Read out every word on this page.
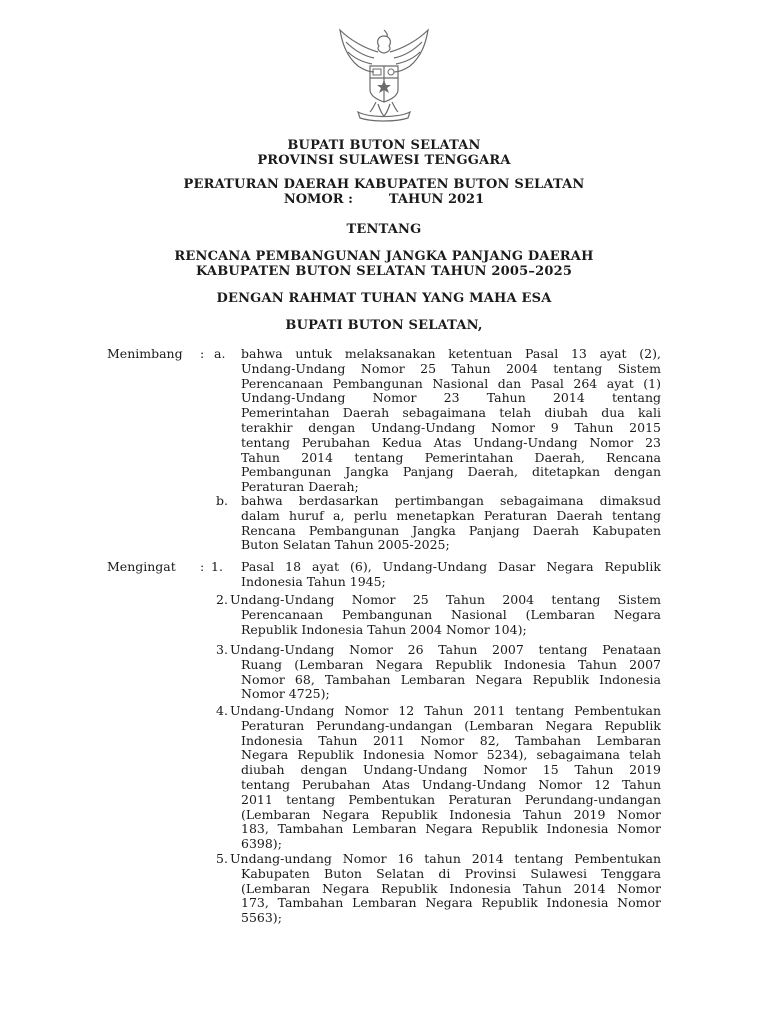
BUPATI BUTON SELATAN
PROVINSI SULAWESI TENGGARA
PERATURAN DAERAH KABUPATEN BUTON SELATAN
NOMOR :	TAHUN 2021
TENTANG
RENCANA PEMBANGUNAN JANGKA PANJANG DAERAH
KABUPATEN BUTON SELATAN TAHUN 2005–2025
DENGAN RAHMAT TUHAN YANG MAHA ESA
BUPATI BUTON SELATAN,
Menimbang : a. bahwa untuk melaksanakan ketentuan Pasal 13 ayat (2),
Undang-Undang Nomor 25 Tahun 2004 tentang Sistem
Perencanaan Pembangunan Nasional dan Pasal 264 ayat (1)
Undang-Undang Nomor 23 Tahun 2014 tentang
Pemerintahan Daerah sebagaimana telah diubah dua kali
terakhir dengan Undang-Undang Nomor 9 Tahun 2015
tentang Perubahan Kedua Atas Undang-Undang Nomor 23
Tahun 2014 tentang Pemerintahan Daerah, Rencana
Pembangunan Jangka Panjang Daerah, ditetapkan dengan
Peraturan Daerah;
b. bahwa berdasarkan pertimbangan sebagaimana dimaksud
dalam huruf a, perlu menetapkan Peraturan Daerah tentang
Rencana Pembangunan Jangka Panjang Daerah Kabupaten
Buton Selatan Tahun 2005-2025;
Mengingat : 1. Pasal 18 ayat (6), Undang-Undang Dasar Negara Republik
Indonesia Tahun 1945;
2. Undang-Undang Nomor 25 Tahun 2004 tentang Sistem
Perencanaan Pembangunan Nasional (Lembaran Negara
Republik Indonesia Tahun 2004 Nomor 104);
3. Undang-Undang Nomor 26 Tahun 2007 tentang Penataan
Ruang (Lembaran Negara Republik Indonesia Tahun 2007
Nomor 68, Tambahan Lembaran Negara Republik Indonesia
Nomor 4725);
4. Undang-Undang Nomor 12 Tahun 2011 tentang Pembentukan
Peraturan Perundang-undangan (Lembaran Negara Republik
Indonesia Tahun 2011 Nomor 82, Tambahan Lembaran
Negara Republik Indonesia Nomor 5234), sebagaimana telah
diubah dengan Undang-Undang Nomor 15 Tahun 2019
tentang Perubahan Atas Undang-Undang Nomor 12 Tahun
2011 tentang Pembentukan Peraturan Perundang-undangan
(Lembaran Negara Republik Indonesia Tahun 2019 Nomor
183, Tambahan Lembaran Negara Republik Indonesia Nomor
6398);
5. Undang-undang Nomor 16 tahun 2014 tentang Pembentukan
Kabupaten Buton Selatan di Provinsi Sulawesi Tenggara
(Lembaran Negara Republik Indonesia Tahun 2014 Nomor
173, Tambahan Lembaran Negara Republik Indonesia Nomor
5563);
